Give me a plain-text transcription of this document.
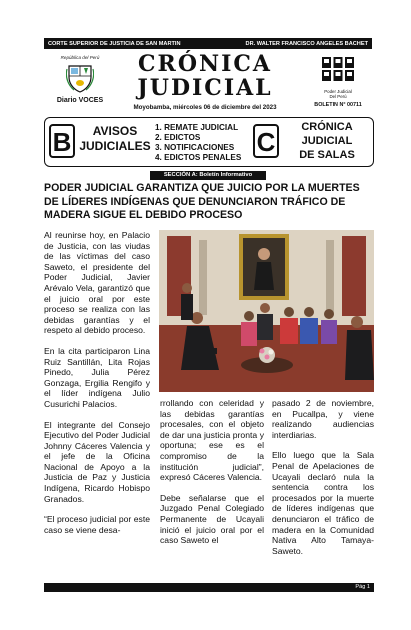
CORTE SUPERIOR DE JUSTICIA DE SAN MARTIN	DR. WALTER FRANCISCO ANGELES BACHET
República del Perú
Diario VOCES
CRÓNICA
JUDICIAL
Moyobamba, miércoles 06 de diciembre del 2023
Poder Judicial
Del Perú
BOLETIN N° 00711
B	AVISOS
JUDICIALES
1. REMATE JUDICIAL
2. EDICTOS
3. NOTIFICACIONES
4. EDICTOS PENALES
C	CRÓNICA
JUDICIAL
DE SALAS
SECCIÓN A: Boletín Informativo
PODER JUDICIAL GARANTIZA QUE JUICIO POR LA MUERTES DE LÍDERES INDÍGENAS QUE DENUNCIARON TRÁFICO DE MADERA SIGUE EL DEBIDO PROCESO

Al reunirse hoy, en Palacio de Justicia, con las viudas de las víctimas del caso Saweto, el presidente del Poder Judicial, Javier Arévalo Vela, garantizó que el juicio oral por este proceso se realiza con las debidas garantías y el respeto al debido proceso.

En la cita participaron Lina Ruiz Santillán, Lita Rojas Pinedo, Julia Pérez Gonzaga, Ergilia Rengifo y el líder indígena Julio Cusurichi Palacios.

El integrante del Consejo Ejecutivo del Poder Judicial Johnny Cáceres Valencia y el jefe de la Oficina Nacional de Apoyo a la Justicia de Paz y Justicia Indígena, Ricardo Hobispo Granados.

“El proceso judicial por este caso se viene desa-

rrollando con celeridad y las debidas garantías procesales, con el objeto de dar una justicia pronta y oportuna; ese es el compromiso de la institución judicial”, expresó Cáceres Valencia.

Debe señalarse que el Juzgado Penal Colegiado Permanente de Ucayali inició el juicio oral por el caso Saweto el

pasado 2 de noviembre, en Pucallpa, y viene realizando audiencias interdiarias.

Ello luego que la Sala Penal de Apelaciones de Ucayali declaró nula la sentencia contra los procesados por la muerte de líderes indígenas que denunciaron el tráfico de madera en la Comunidad Nativa Alto Tamaya-Saweto.

Pág 1
